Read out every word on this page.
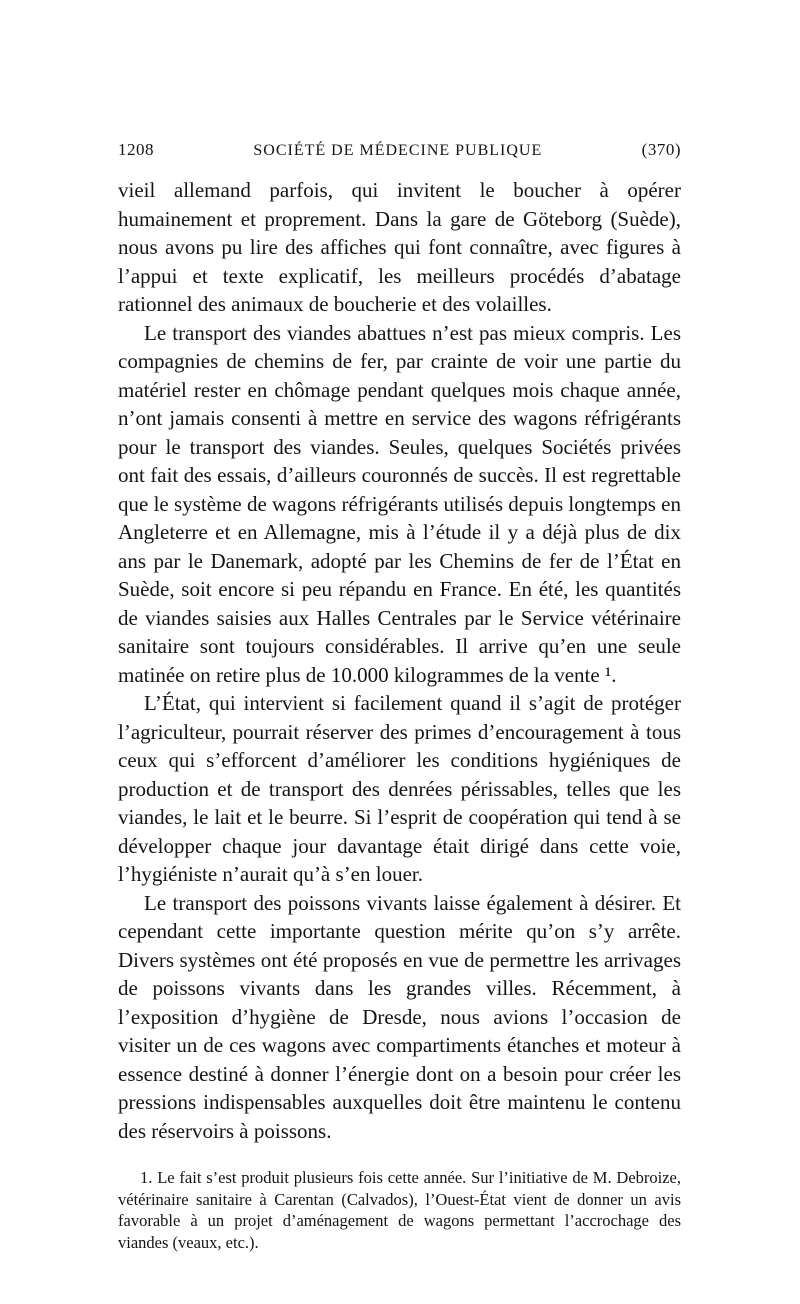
1208	SOCIÉTÉ DE MÉDECINE PUBLIQUE	(370)

vieil allemand parfois, qui invitent le boucher à opérer humainement et proprement. Dans la gare de Göteborg (Suède), nous avons pu lire des affiches qui font connaître, avec figures à l’appui et texte explicatif, les meilleurs procédés d’abatage rationnel des animaux de boucherie et des volailles.

Le transport des viandes abattues n’est pas mieux compris. Les compagnies de chemins de fer, par crainte de voir une partie du matériel rester en chômage pendant quelques mois chaque année, n’ont jamais consenti à mettre en service des wagons réfrigérants pour le transport des viandes. Seules, quelques Sociétés privées ont fait des essais, d’ailleurs couronnés de succès. Il est regrettable que le système de wagons réfrigérants utilisés depuis longtemps en Angleterre et en Allemagne, mis à l’étude il y a déjà plus de dix ans par le Danemark, adopté par les Chemins de fer de l’État en Suède, soit encore si peu répandu en France. En été, les quantités de viandes saisies aux Halles Centrales par le Service vétérinaire sanitaire sont toujours considérables. Il arrive qu’en une seule matinée on retire plus de 10.000 kilogrammes de la vente ¹.

L’État, qui intervient si facilement quand il s’agit de protéger l’agriculteur, pourrait réserver des primes d’encouragement à tous ceux qui s’efforcent d’améliorer les conditions hygiéniques de production et de transport des denrées périssables, telles que les viandes, le lait et le beurre. Si l’esprit de coopération qui tend à se développer chaque jour davantage était dirigé dans cette voie, l’hygiéniste n’aurait qu’à s’en louer.

Le transport des poissons vivants laisse également à désirer. Et cependant cette importante question mérite qu’on s’y arrête. Divers systèmes ont été proposés en vue de permettre les arrivages de poissons vivants dans les grandes villes. Récemment, à l’exposition d’hygiène de Dresde, nous avions l’occasion de visiter un de ces wagons avec compartiments étanches et moteur à essence destiné à donner l’énergie dont on a besoin pour créer les pressions indispensables auxquelles doit être maintenu le contenu des réservoirs à poissons.

1. Le fait s’est produit plusieurs fois cette année. Sur l’initiative de M. Debroize, vétérinaire sanitaire à Carentan (Calvados), l’Ouest-État vient de donner un avis favorable à un projet d’aménagement de wagons permettant l’accrochage des viandes (veaux, etc.).
